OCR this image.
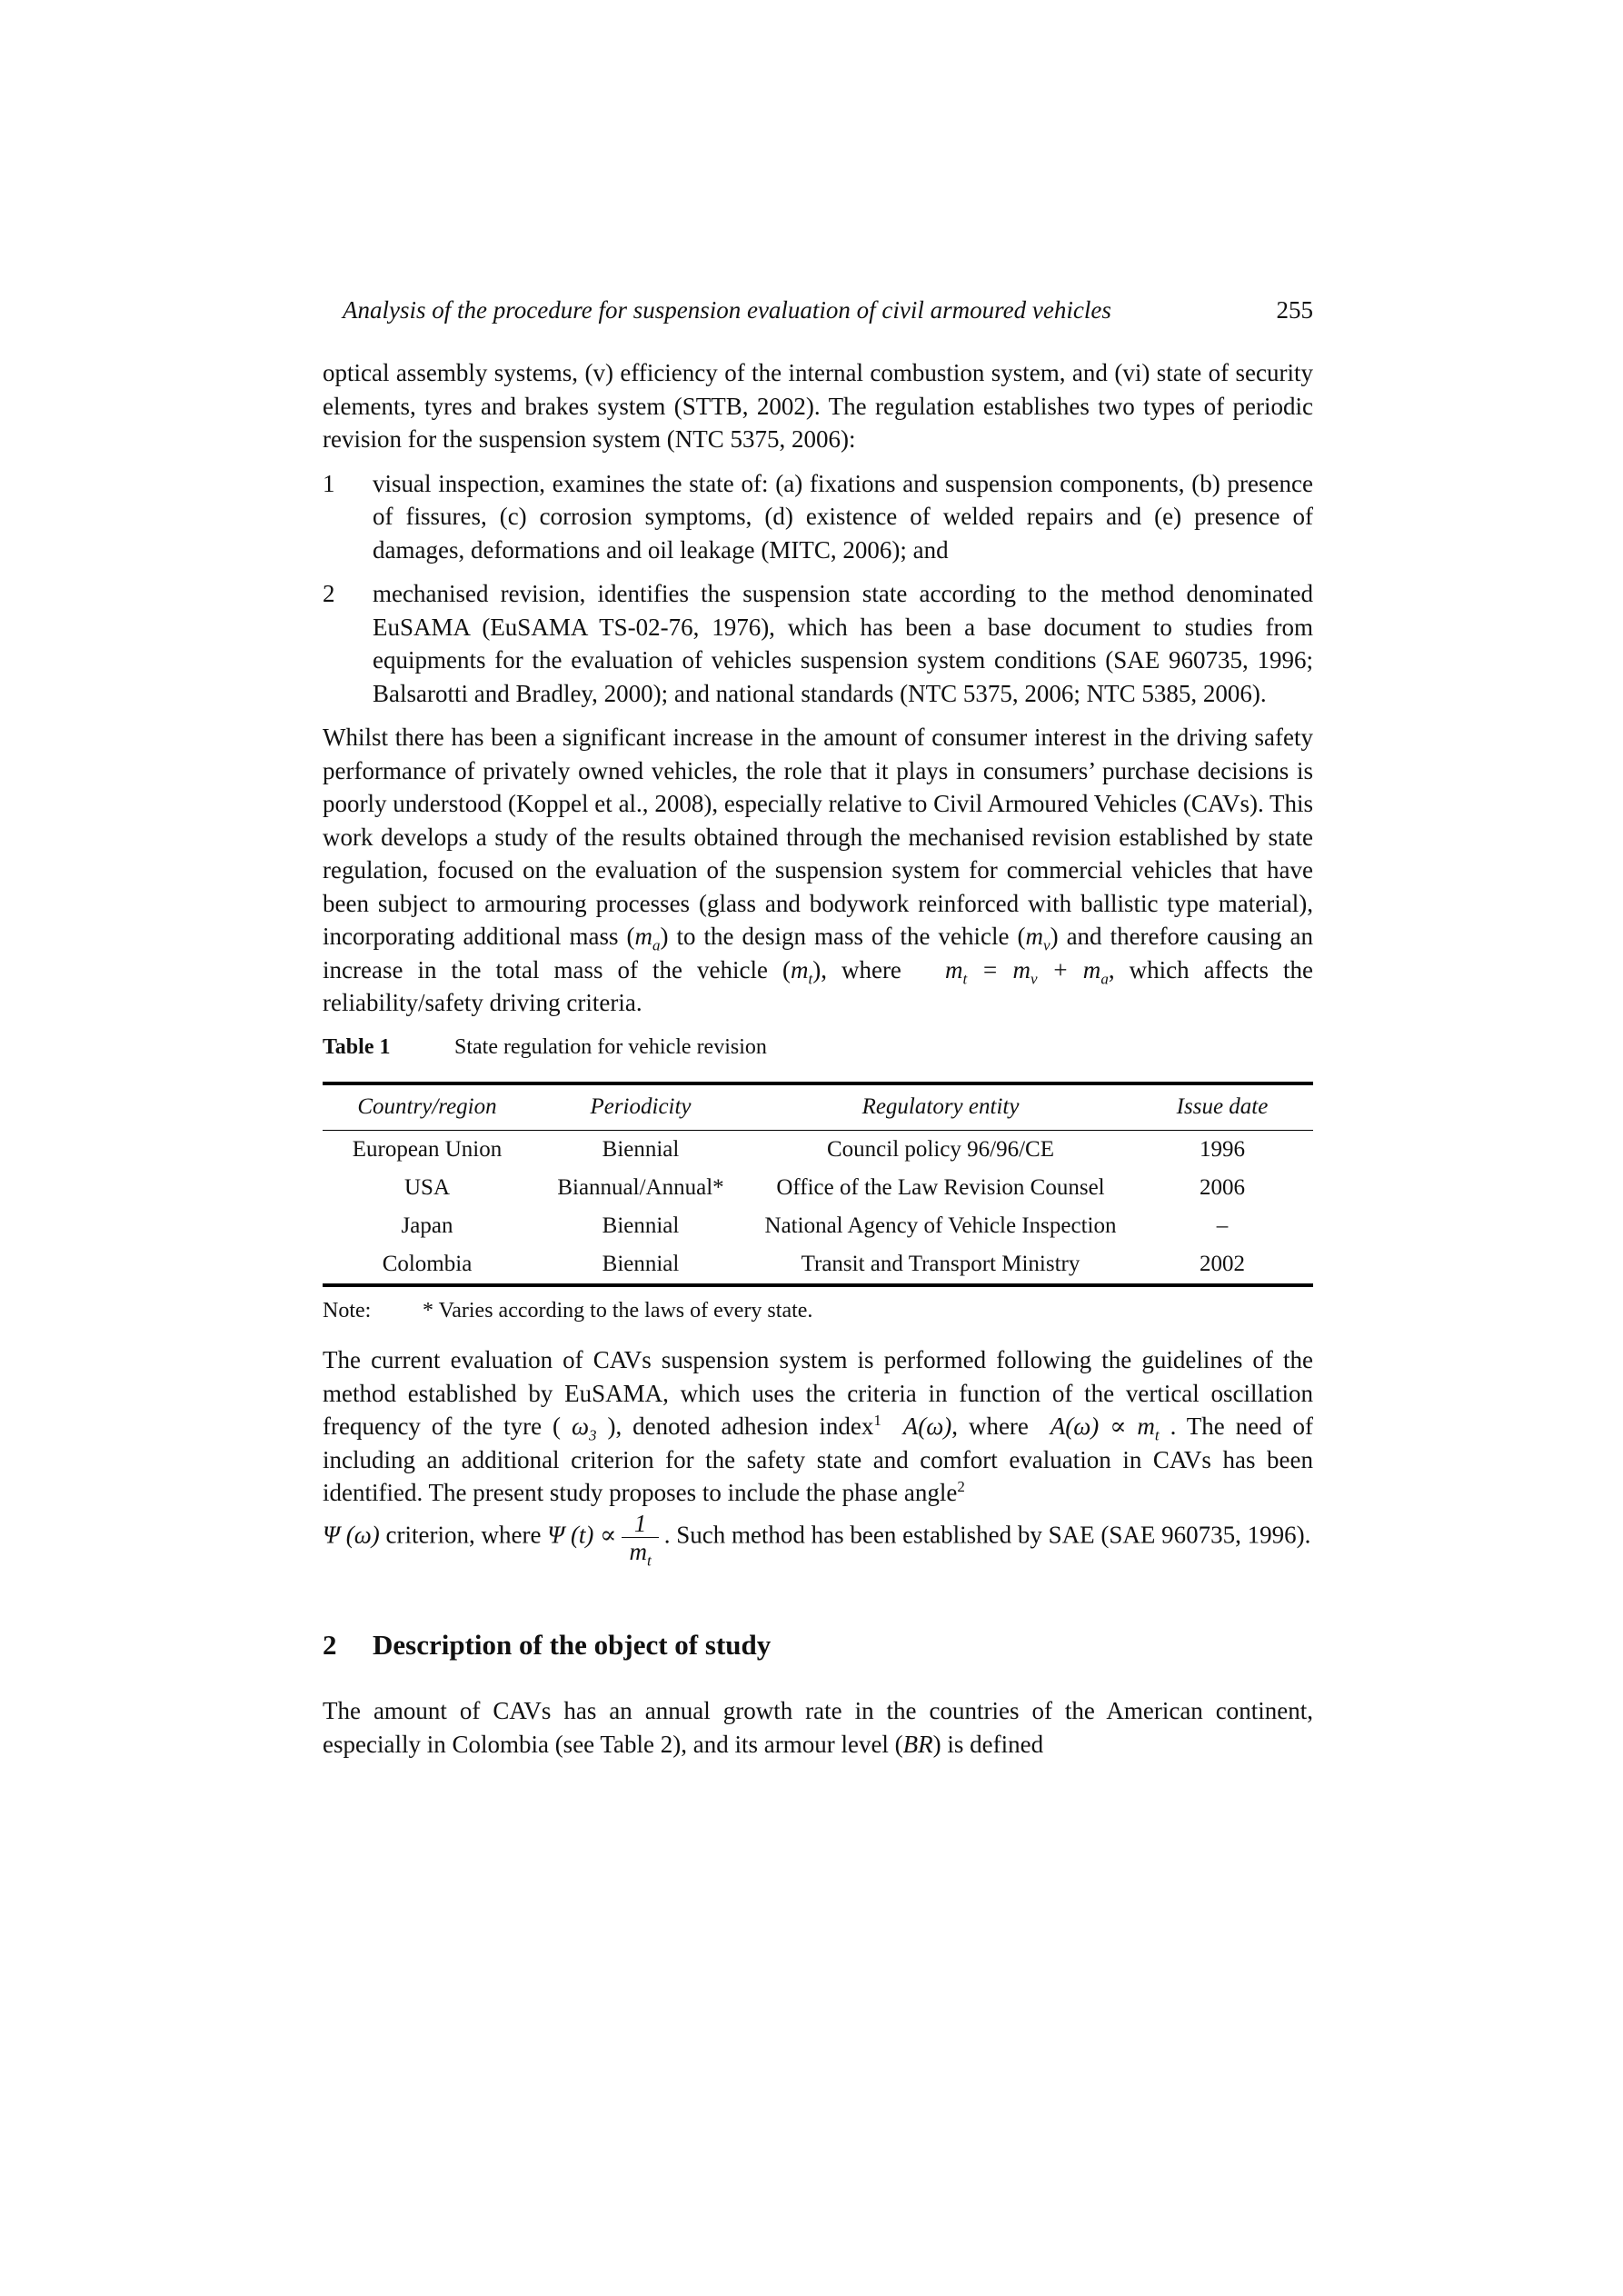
Analysis of the procedure for suspension evaluation of civil armoured vehicles	255

optical assembly systems, (v) efficiency of the internal combustion system, and (vi) state of security elements, tyres and brakes system (STTB, 2002). The regulation establishes two types of periodic revision for the suspension system (NTC 5375, 2006):

1 visual inspection, examines the state of: (a) fixations and suspension components, (b) presence of fissures, (c) corrosion symptoms, (d) existence of welded repairs and (e) presence of damages, deformations and oil leakage (MITC, 2006); and
2 mechanised revision, identifies the suspension state according to the method denominated EuSAMA (EuSAMA TS-02-76, 1976), which has been a base document to studies from equipments for the evaluation of vehicles suspension system conditions (SAE 960735, 1996; Balsarotti and Bradley, 2000); and national standards (NTC 5375, 2006; NTC 5385, 2006).

Whilst there has been a significant increase in the amount of consumer interest in the driving safety performance of privately owned vehicles, the role that it plays in consumers’ purchase decisions is poorly understood (Koppel et al., 2008), especially relative to Civil Armoured Vehicles (CAVs). This work develops a study of the results obtained through the mechanised revision established by state regulation, focused on the evaluation of the suspension system for commercial vehicles that have been subject to armouring processes (glass and bodywork reinforced with ballistic type material), incorporating additional mass $(m_a)$ to the design mass of the vehicle $(m_v)$ and therefore causing an increase in the total mass of the vehicle $(m_t)$, where $m_t = m_v + m_a$, which affects the reliability/safety driving criteria.

Table 1	State regulation for vehicle revision
Country/region	Periodicity	Regulatory entity	Issue date
European Union	Biennial	Council policy 96/96/CE	1996
USA	Biannual/Annual*	Office of the Law Revision Counsel	2006
Japan	Biennial	National Agency of Vehicle Inspection	–
Colombia	Biennial	Transit and Transport Ministry	2002
Note: * Varies according to the laws of every state.

The current evaluation of CAVs suspension system is performed following the guidelines of the method established by EuSAMA, which uses the criteria in function of the vertical oscillation frequency of the tyre ( $\omega_3$ ), denoted adhesion index$^1$ A(ω), where $A(\omega) \propto m_t$ . The need of including an additional criterion for the safety state and comfort evaluation in CAVs has been identified. The present study proposes to include the phase angle$^2$
Ψ (ω) criterion, where Ψ $(t) \propto \frac{1}{m_t}$ . Such method has been established by SAE (SAE 960735, 1996).

2 Description of the object of study

The amount of CAVs has an annual growth rate in the countries of the American continent, especially in Colombia (see Table 2), and its armour level (BR) is defined
